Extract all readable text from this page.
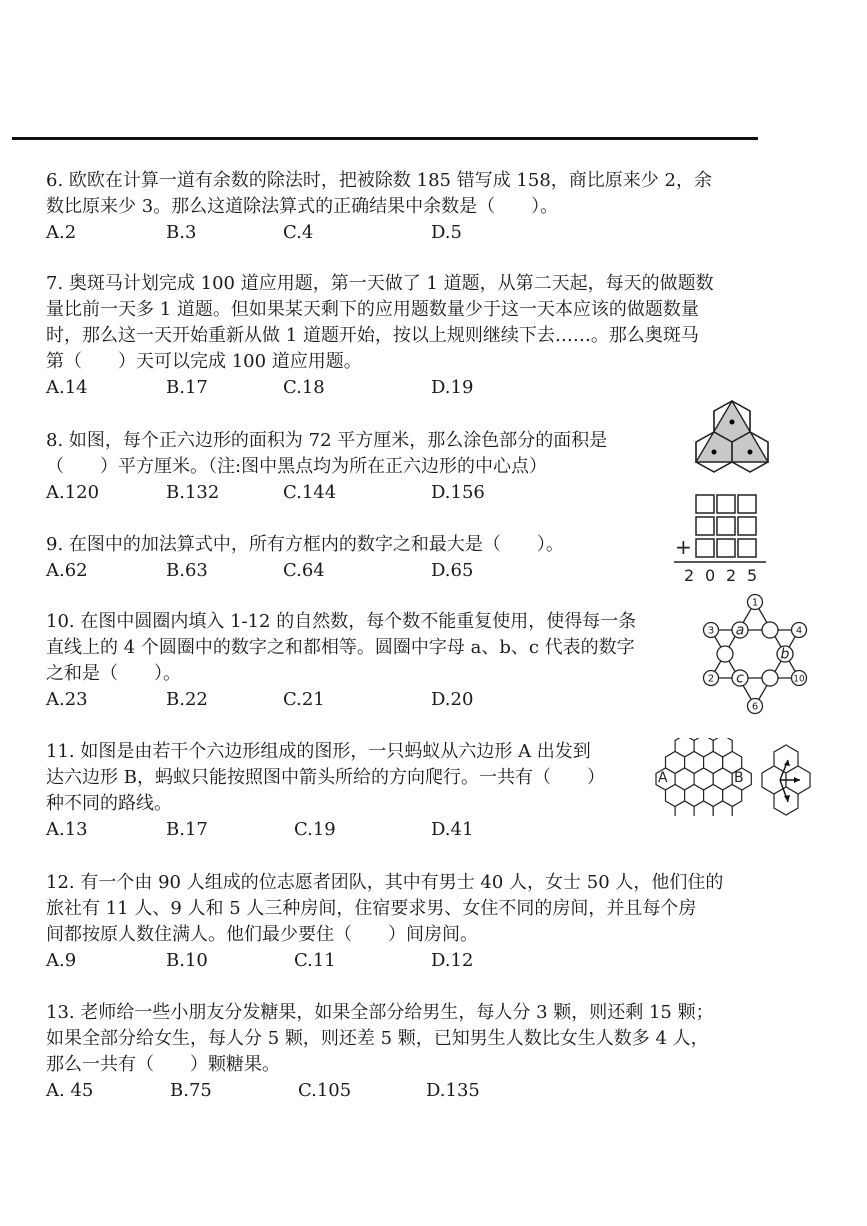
6. 欧欧在计算一道有余数的除法时，把被除数 185 错写成 158，商比原来少 2，余
数比原来少 3。那么这道除法算式的正确结果中余数是（　　）。
A.2	B.3	C.4	D.5
7. 奥斑马计划完成 100 道应用题，第一天做了 1 道题，从第二天起，每天的做题数
量比前一天多 1 道题。但如果某天剩下的应用题数量少于这一天本应该的做题数量
时，那么这一天开始重新从做 1 道题开始，按以上规则继续下去……。那么奥斑马
第（　　）天可以完成 100 道应用题。
A.14	B.17	C.18	D.19
8. 如图，每个正六边形的面积为 72 平方厘米，那么涂色部分的面积是
（　　）平方厘米。（注:图中黑点均为所在正六边形的中心点）
A.120	B.132	C.144	D.156
9. 在图中的加法算式中，所有方框内的数字之和最大是（　　）。
A.62	B.63	C.64	D.65
+
2 0 2 5
10. 在图中圆圈内填入 1-12 的自然数，每个数不能重复使用，使得每一条
直线上的 4 个圆圈中的数字之和都相等。圆圈中字母 a、b、c 代表的数字
之和是（　　）。
A.23	B.22	C.21	D.20
1
4
10
6
2
3 a
b
c
11. 如图是由若干个六边形组成的图形，一只蚂蚁从六边形 A 出发到
达六边形 B，蚂蚁只能按照图中箭头所给的方向爬行。一共有（　　）
种不同的路线。
A.13	B.17	C.19	D.41
A	B
12. 有一个由 90 人组成的位志愿者团队，其中有男士 40 人，女士 50 人，他们住的
旅社有 11 人、9 人和 5 人三种房间，住宿要求男、女住不同的房间，并且每个房
间都按原人数住满人。他们最少要住（　　）间房间。
A.9	B.10	C.11	D.12
13. 老师给一些小朋友分发糖果，如果全部分给男生，每人分 3 颗，则还剩 15 颗；
如果全部分给女生，每人分 5 颗，则还差 5 颗，已知男生人数比女生人数多 4 人，
那么一共有（　　）颗糖果。
A. 45	B.75	C.105	D.135
